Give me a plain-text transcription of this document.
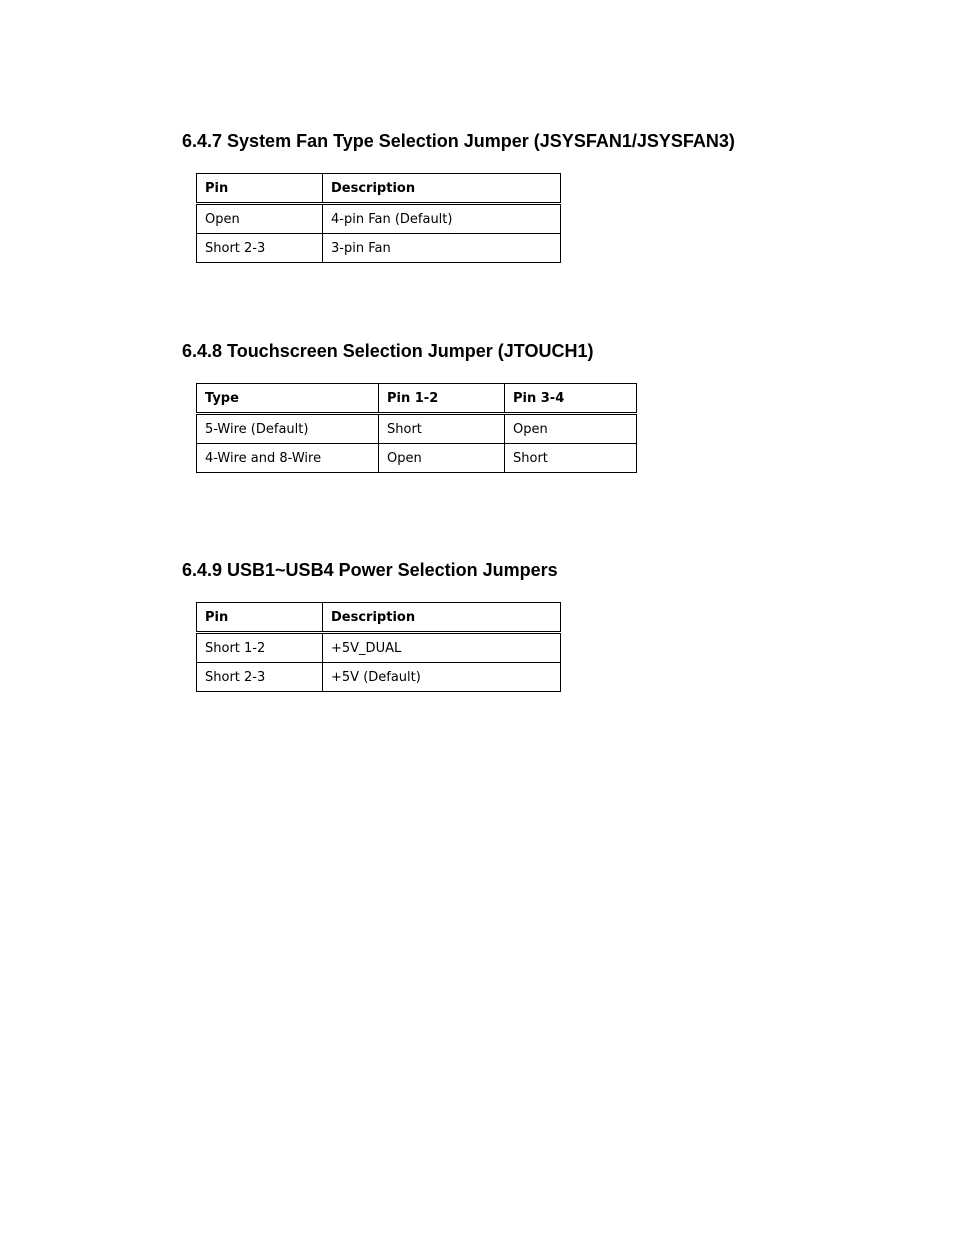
6.4.7 System Fan Type Selection Jumper (JSYSFAN1/JSYSFAN3)
Pin	Description
Open	4-pin Fan (Default)
Short 2-3	3-pin Fan
6.4.8 Touchscreen Selection Jumper (JTOUCH1)
Type	Pin 1-2	Pin 3-4
5-Wire (Default)	Short	Open
4-Wire and 8-Wire	Open	Short
6.4.9 USB1~USB4 Power Selection Jumpers
Pin	Description
Short 1-2	+5V_DUAL
Short 2-3	+5V (Default)
